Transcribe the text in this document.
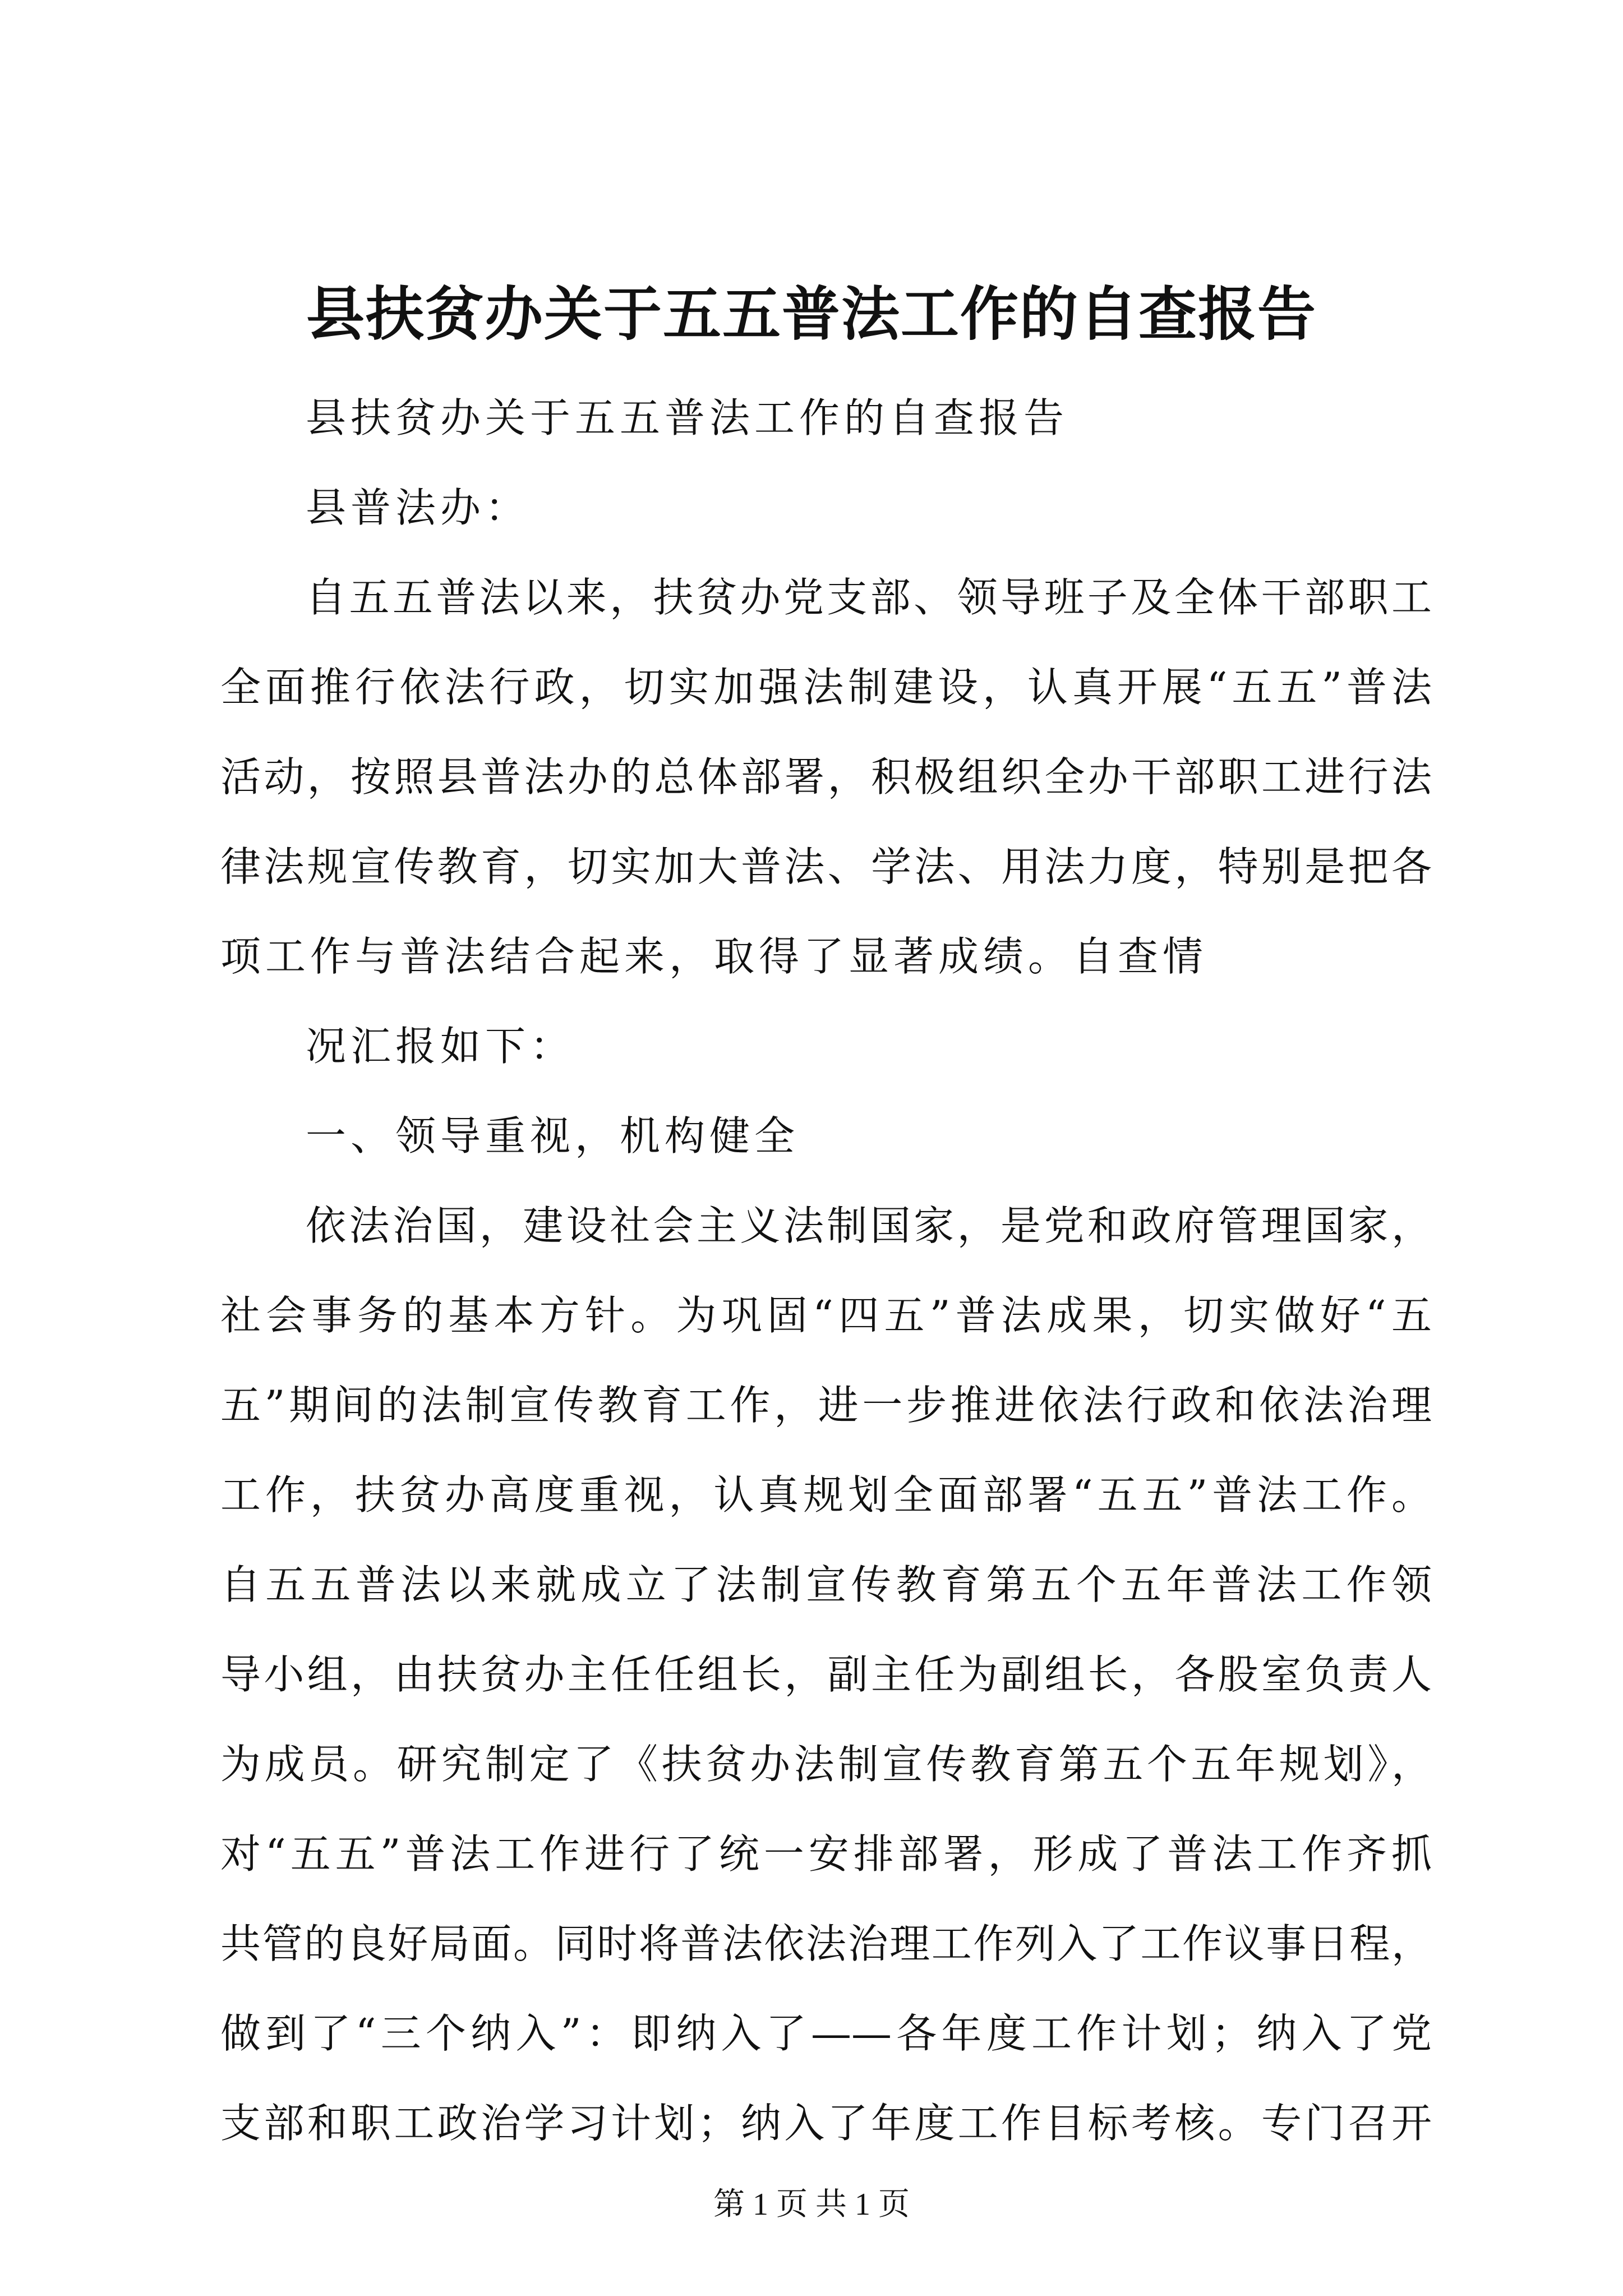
县扶贫办关于五五普法工作的自查报告
县扶贫办关于五五普法工作的自查报告
县普法办：
自五五普法以来，扶贫办党支部、领导班子及全体干部职工
全面推行依法行政，切实加强法制建设，认真开展“五五”普法
活动，按照县普法办的总体部署，积极组织全办干部职工进行法
律法规宣传教育，切实加大普法、学法、用法力度，特别是把各
项工作与普法结合起来，取得了显著成绩。自查情
况汇报如下：
一、领导重视，机构健全
依法治国，建设社会主义法制国家，是党和政府管理国家，
社会事务的基本方针。为巩固“四五”普法成果，切实做好“五
五”期间的法制宣传教育工作，进一步推进依法行政和依法治理
工作，扶贫办高度重视，认真规划全面部署“五五”普法工作。
自五五普法以来就成立了法制宣传教育第五个五年普法工作领
导小组，由扶贫办主任任组长，副主任为副组长，各股室负责人
为成员。研究制定了《扶贫办法制宣传教育第五个五年规划》，
对“五五”普法工作进行了统一安排部署，形成了普法工作齐抓
共管的良好局面。同时将普法依法治理工作列入了工作议事日程，
做到了“三个纳入”：即纳入了——各年度工作计划；纳入了党
支部和职工政治学习计划；纳入了年度工作目标考核。专门召开
第 1 页 共 1 页
